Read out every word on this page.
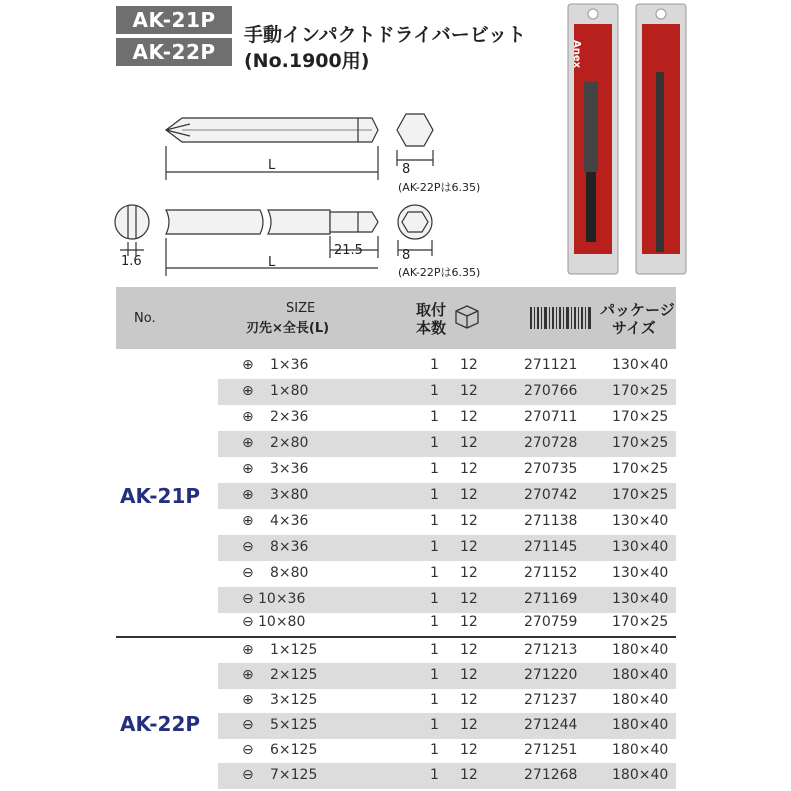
AK-21P
AK-22P
手動インパクトドライバービット
(No.1900用)
8
(AK-22Pは6.35)
L
1.6
21.5
L	8
(AK-22Pは6.35)
Anex
No.
SIZE
刃先×全長(L)
取付
本数
パッケージ
サイズ
AK-21P
AK-22P
⊕ 1×36	1 12	271121 130×40
⊕ 1×80	1 12	270766 170×25
⊕ 2×36	1 12	270711 170×25
⊕ 2×80	1 12	270728 170×25
⊕ 3×36	1 12	270735 170×25
⊕ 3×80	1 12	270742 170×25
⊕ 4×36	1 12	271138 130×40
⊖ 8×36	1 12	271145 130×40
⊖ 8×80	1 12	271152 130×40
⊖ 10×36	1 12	271169 130×40
⊖ 10×80	1 12	270759 170×25
⊕ 1×125	1 12	271213 180×40
⊕ 2×125	1 12	271220 180×40
⊕ 3×125	1 12	271237 180×40
⊖ 5×125	1 12	271244 180×40
⊖ 6×125	1 12	271251 180×40
⊖ 7×125	1 12	271268 180×40
